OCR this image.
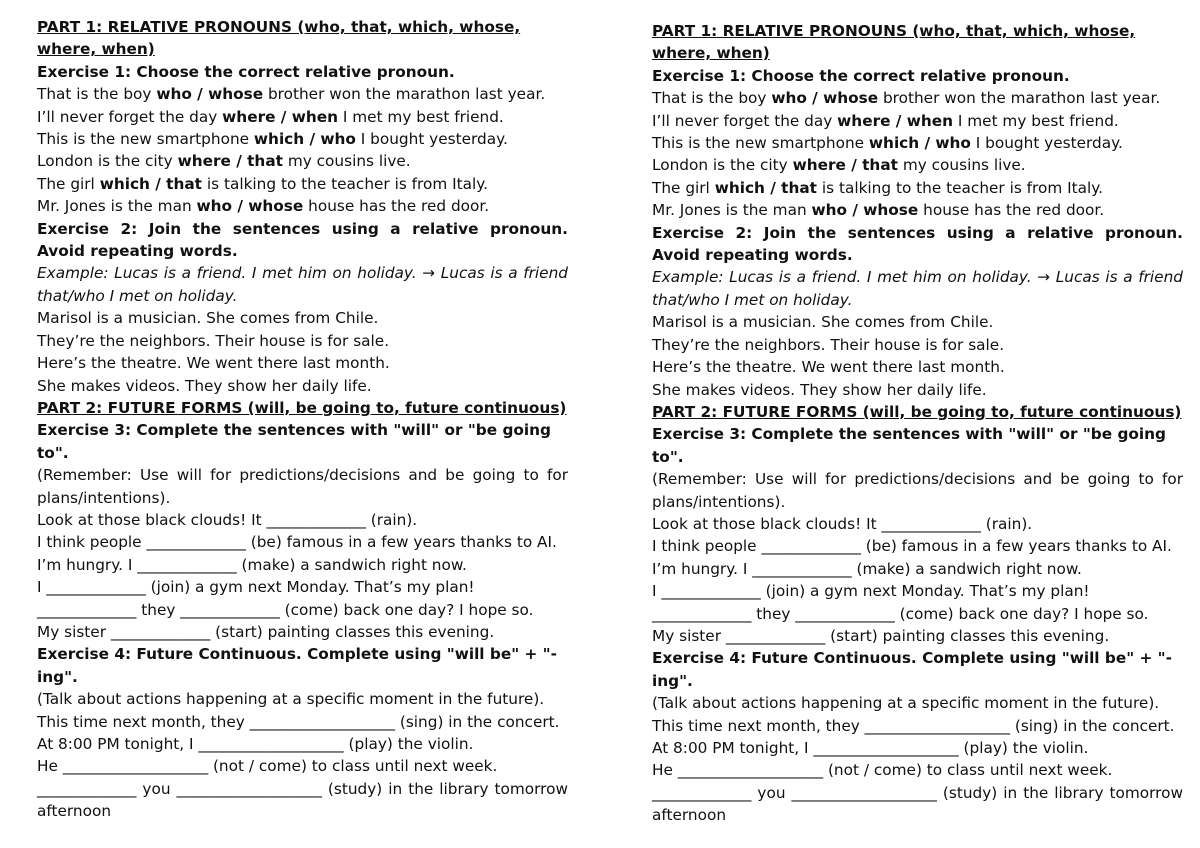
PART 1: RELATIVE PRONOUNS (who, that, which, whose, where, when)

Exercise 1: Choose the correct relative pronoun.

That is the boy who / whose brother won the marathon last year.

I’ll never forget the day where / when I met my best friend.

This is the new smartphone which / who I bought yesterday.

London is the city where / that my cousins live.

The girl which / that is talking to the teacher is from Italy.

Mr. Jones is the man who / whose house has the red door.

Exercise 2: Join the sentences using a relative pronoun. Avoid repeating words.

Example: Lucas is a friend. I met him on holiday. → Lucas is a friend that/who I met on holiday.

Marisol is a musician. She comes from Chile.

They’re the neighbors. Their house is for sale.

Here’s the theatre. We went there last month.

She makes videos. They show her daily life.

PART 2: FUTURE FORMS (will, be going to, future continuous)

Exercise 3: Complete the sentences with "will" or "be going to".

(Remember: Use will for predictions/decisions and be going to for plans/intentions).

Look at those black clouds! It _____________ (rain).

I think people _____________ (be) famous in a few years thanks to AI.

I’m hungry. I _____________ (make) a sandwich right now.

I _____________ (join) a gym next Monday. That’s my plan!

_____________ they _____________ (come) back one day? I hope so.

My sister _____________ (start) painting classes this evening.

Exercise 4: Future Continuous. Complete using "will be" + "-ing".

(Talk about actions happening at a specific moment in the future).

This time next month, they ___________________ (sing) in the concert.

At 8:00 PM tonight, I ___________________ (play) the violin.

He ___________________ (not / come) to class until next week.

_____________ you ___________________ (study) in the library tomorrow afternoon

PART 1: RELATIVE PRONOUNS (who, that, which, whose, where, when)

Exercise 1: Choose the correct relative pronoun.

That is the boy who / whose brother won the marathon last year.

I’ll never forget the day where / when I met my best friend.

This is the new smartphone which / who I bought yesterday.

London is the city where / that my cousins live.

The girl which / that is talking to the teacher is from Italy.

Mr. Jones is the man who / whose house has the red door.

Exercise 2: Join the sentences using a relative pronoun. Avoid repeating words.

Example: Lucas is a friend. I met him on holiday. → Lucas is a friend that/who I met on holiday.

Marisol is a musician. She comes from Chile.

They’re the neighbors. Their house is for sale.

Here’s the theatre. We went there last month.

She makes videos. They show her daily life.

PART 2: FUTURE FORMS (will, be going to, future continuous)

Exercise 3: Complete the sentences with "will" or "be going to".

(Remember: Use will for predictions/decisions and be going to for plans/intentions).

Look at those black clouds! It _____________ (rain).

I think people _____________ (be) famous in a few years thanks to AI.

I’m hungry. I _____________ (make) a sandwich right now.

I _____________ (join) a gym next Monday. That’s my plan!

_____________ they _____________ (come) back one day? I hope so.

My sister _____________ (start) painting classes this evening.

Exercise 4: Future Continuous. Complete using "will be" + "-ing".

(Talk about actions happening at a specific moment in the future).

This time next month, they ___________________ (sing) in the concert.

At 8:00 PM tonight, I ___________________ (play) the violin.

He ___________________ (not / come) to class until next week.

_____________ you ___________________ (study) in the library tomorrow afternoon
